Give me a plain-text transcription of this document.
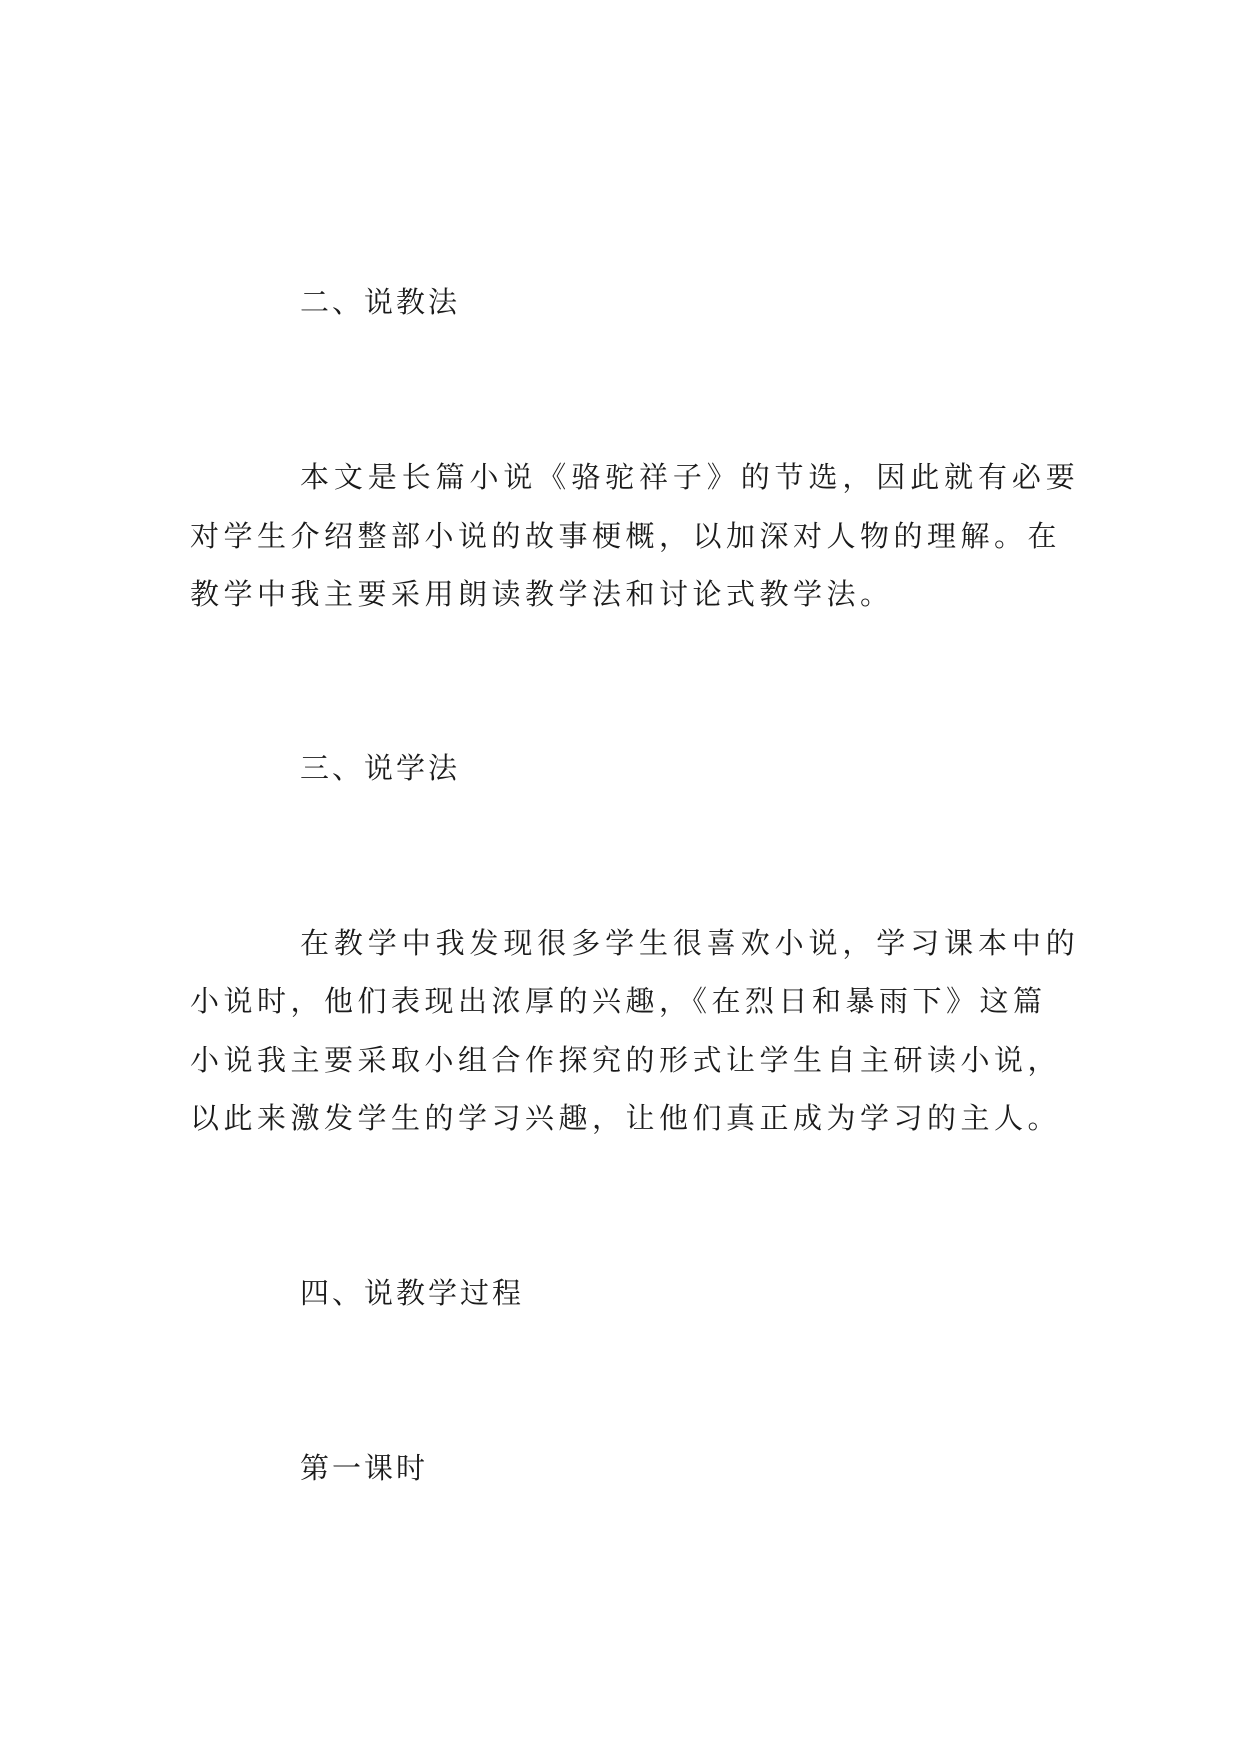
二、说教法

本文是长篇小说《骆驼祥子》的节选，因此就有必要

对学生介绍整部小说的故事梗概，以加深对人物的理解。在

教学中我主要采用朗读教学法和讨论式教学法。

三、说学法

在教学中我发现很多学生很喜欢小说，学习课本中的

小说时，他们表现出浓厚的兴趣，《在烈日和暴雨下》这篇

小说我主要采取小组合作探究的形式让学生自主研读小说，

以此来激发学生的学习兴趣，让他们真正成为学习的主人。

四、说教学过程
第一课时
